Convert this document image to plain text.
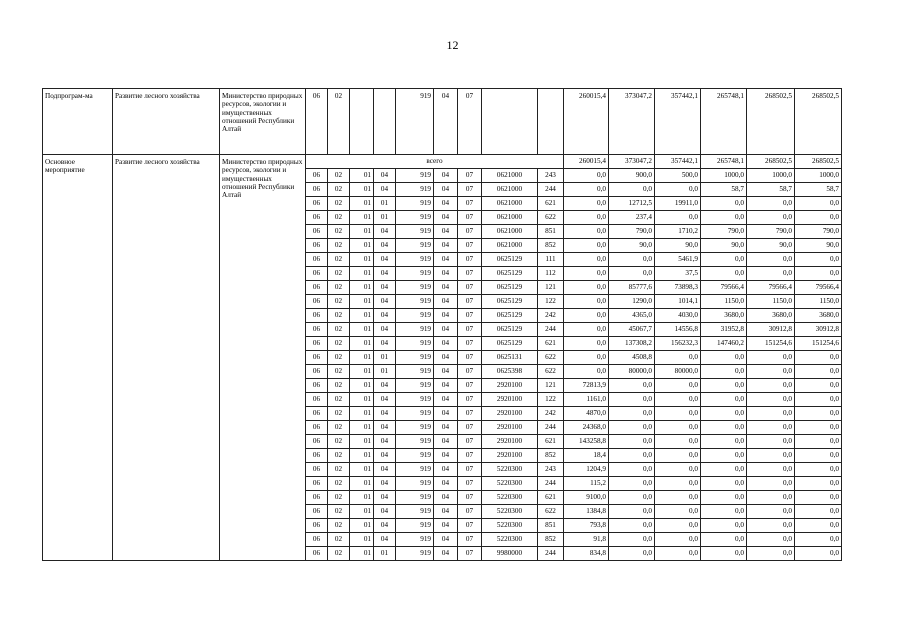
12
Подпрограм-ма	Развитие лесного хозяйства	Министерство природных ресурсов, экологии и имущественных отношений Республики Алтай	06	02			919	04	07			260015,4	373047,2	357442,1	265748,1	268502,5	268502,5
Основное мероприятие	Развитие лесного хозяйства	Министерство природных ресурсов, экологии и имущественных отношений Республики Алтай	всего									260015,4	373047,2	357442,1	265748,1	268502,5	268502,5
			06	02	01	04	919	04	07	0621000	243	0,0	900,0	500,0	1000,0	1000,0	1000,0
			06	02	01	04	919	04	07	0621000	244	0,0	0,0	0,0	58,7	58,7	58,7
			06	02	01	01	919	04	07	0621000	621	0,0	12712,5	19911,0	0,0	0,0	0,0
			06	02	01	01	919	04	07	0621000	622	0,0	237,4	0,0	0,0	0,0	0,0
			06	02	01	04	919	04	07	0621000	851	0,0	790,0	1710,2	790,0	790,0	790,0
			06	02	01	04	919	04	07	0621000	852	0,0	90,0	90,0	90,0	90,0	90,0
			06	02	01	04	919	04	07	0625129	111	0,0	0,0	5461,9	0,0	0,0	0,0
			06	02	01	04	919	04	07	0625129	112	0,0	0,0	37,5	0,0	0,0	0,0
			06	02	01	04	919	04	07	0625129	121	0,0	85777,6	73898,3	79566,4	79566,4	79566,4
			06	02	01	04	919	04	07	0625129	122	0,0	1290,0	1014,1	1150,0	1150,0	1150,0
			06	02	01	04	919	04	07	0625129	242	0,0	4365,0	4030,0	3680,0	3680,0	3680,0
			06	02	01	04	919	04	07	0625129	244	0,0	45067,7	14556,8	31952,8	30912,8	30912,8
			06	02	01	04	919	04	07	0625129	621	0,0	137308,2	156232,3	147460,2	151254,6	151254,6
			06	02	01	01	919	04	07	0625131	622	0,0	4508,8	0,0	0,0	0,0	0,0
			06	02	01	01	919	04	07	0625398	622	0,0	80000,0	80000,0	0,0	0,0	0,0
			06	02	01	04	919	04	07	2920100	121	72813,9	0,0	0,0	0,0	0,0	0,0
			06	02	01	04	919	04	07	2920100	122	1161,0	0,0	0,0	0,0	0,0	0,0
			06	02	01	04	919	04	07	2920100	242	4870,0	0,0	0,0	0,0	0,0	0,0
			06	02	01	04	919	04	07	2920100	244	24368,0	0,0	0,0	0,0	0,0	0,0
			06	02	01	04	919	04	07	2920100	621	143258,8	0,0	0,0	0,0	0,0	0,0
			06	02	01	04	919	04	07	2920100	852	18,4	0,0	0,0	0,0	0,0	0,0
			06	02	01	04	919	04	07	5220300	243	1204,9	0,0	0,0	0,0	0,0	0,0
			06	02	01	04	919	04	07	5220300	244	115,2	0,0	0,0	0,0	0,0	0,0
			06	02	01	04	919	04	07	5220300	621	9100,0	0,0	0,0	0,0	0,0	0,0
			06	02	01	04	919	04	07	5220300	622	1384,8	0,0	0,0	0,0	0,0	0,0
			06	02	01	04	919	04	07	5220300	851	793,8	0,0	0,0	0,0	0,0	0,0
			06	02	01	04	919	04	07	5220300	852	91,8	0,0	0,0	0,0	0,0	0,0
			06	02	01	01	919	04	07	9980000	244	834,8	0,0	0,0	0,0	0,0	0,0
